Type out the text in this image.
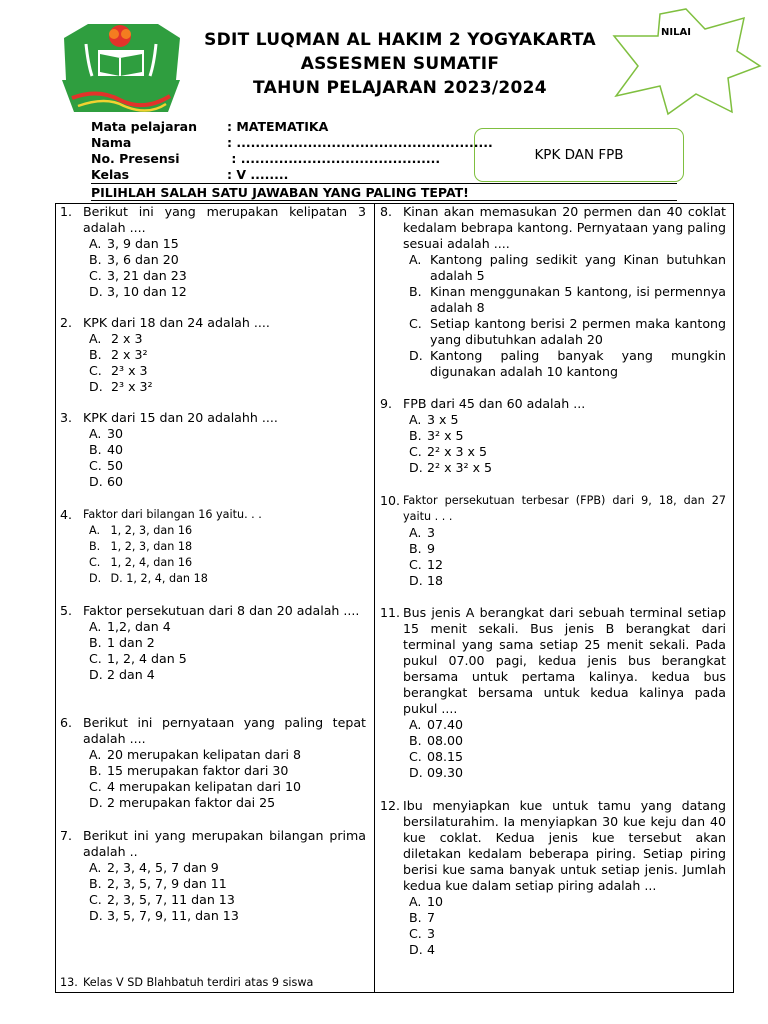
SDIT LUQMAN AL HAKIM 2 YOGYAKARTA
ASSESMEN SUMATIF
TAHUN PELAJARAN 2023/2024
NILAI
Mata pelajaran : MATEMATIKA
Nama	: ......................................................
No. Presensi	: ..........................................
Kelas	: V ........
KPK DAN FPB
PILIHLAH SALAH SATU JAWABAN YANG PALING TEPAT!
1. Berikut ini yang merupakan kelipatan 3 adalah ....
A. 3, 9 dan 15
B. 3, 6 dan 20
C. 3, 21 dan 23
D. 3, 10 dan 12
2. KPK dari 18 dan 24 adalah ....
A. 2 x 3
B. 2 x 3²
C. 2³ x 3
D. 2³ x 3²
3. KPK dari 15 dan 20 adalahh ....
A. 30
B. 40
C. 50
D. 60
4. Faktor dari bilangan 16 yaitu. . .
A. 1, 2, 3, dan 16
B. 1, 2, 3, dan 18
C. 1, 2, 4, dan 16
D. D. 1, 2, 4, dan 18
5. Faktor persekutuan dari 8 dan 20 adalah ....
A. 1,2, dan 4
B. 1 dan 2
C. 1, 2, 4 dan 5
D. 2 dan 4
6. Berikut ini pernyataan yang paling tepat adalah ....
A. 20 merupakan kelipatan dari 8
B. 15 merupakan faktor dari 30
C. 4 merupakan kelipatan dari 10
D. 2 merupakan faktor dai 25
7. Berikut ini yang merupakan bilangan prima adalah ..
A. 2, 3, 4, 5, 7 dan 9
B. 2, 3, 5, 7, 9 dan 11
C. 2, 3, 5, 7, 11 dan 13
D. 3, 5, 7, 9, 11, dan 13
13. Kelas V SD Blahbatuh terdiri atas 9 siswa
8. Kinan akan memasukan 20 permen dan 40 coklat kedalam bebrapa kantong. Pernyataan yang paling sesuai adalah ....
A. Kantong paling sedikit yang Kinan butuhkan adalah 5
B. Kinan menggunakan 5 kantong, isi permennya adalah 8
C. Setiap kantong berisi 2 permen maka kantong yang dibutuhkan adalah 20
D. Kantong paling banyak yang mungkin digunakan adalah 10 kantong
9. FPB dari 45 dan 60 adalah ...
A. 3 x 5
B. 3² x 5
C. 2² x 3 x 5
D. 2² x 3² x 5
10. Faktor persekutuan terbesar (FPB) dari 9, 18, dan 27 yaitu . . .
A. 3
B. 9
C. 12
D. 18
11. Bus jenis A berangkat dari sebuah terminal setiap 15 menit sekali. Bus jenis B berangkat dari terminal yang sama setiap 25 menit sekali. Pada pukul 07.00 pagi, kedua jenis bus berangkat bersama untuk pertama kalinya. kedua bus berangkat bersama untuk kedua kalinya pada pukul ....
A. 07.40
B. 08.00
C. 08.15
D. 09.30
12. Ibu menyiapkan kue untuk tamu yang datang bersilaturahim. Ia menyiapkan 30 kue keju dan 40 kue coklat. Kedua jenis kue tersebut akan diletakan kedalam beberapa piring. Setiap piring berisi kue sama banyak untuk setiap jenis. Jumlah kedua kue dalam setiap piring adalah ...
A. 10
B. 7
C. 3
D. 4
